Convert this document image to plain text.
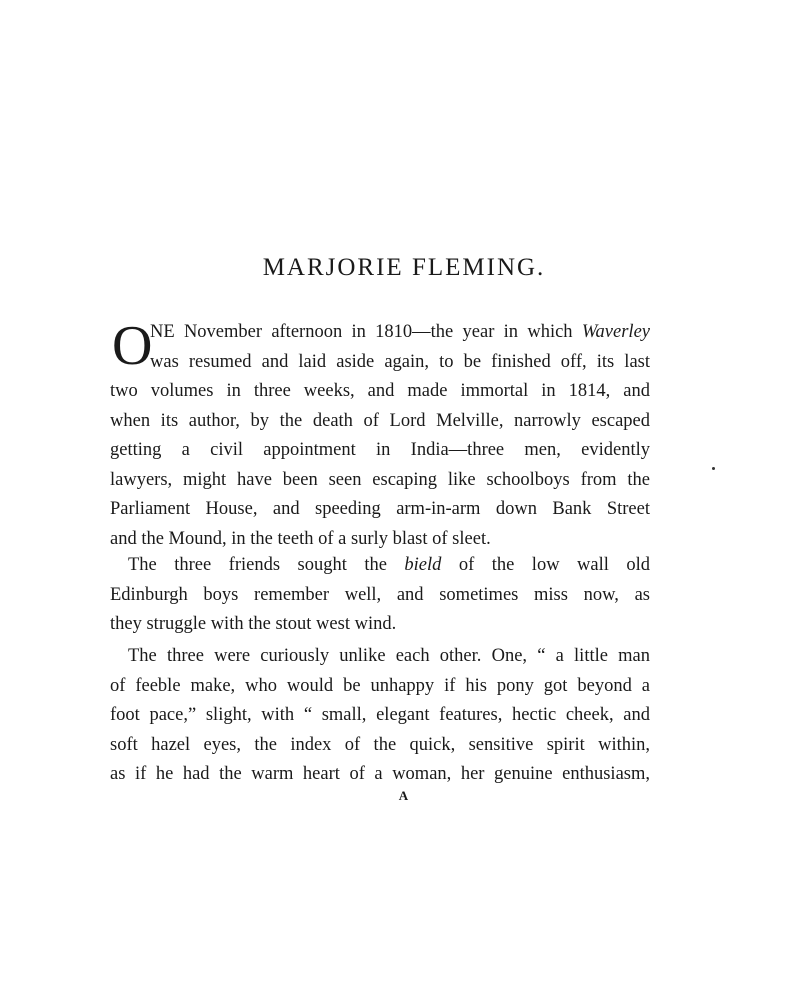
MARJORIE FLEMING.
O
NE November afternoon in 1810—the year in which Waverley
was resumed and laid aside again, to be finished off, its last
two volumes in three weeks, and made immortal in 1814, and
when its author, by the death of Lord Melville, narrowly escaped
getting a civil appointment in India—three men, evidently
lawyers, might have been seen escaping like schoolboys from the
Parliament House, and speeding arm-in-arm down Bank Street
and the Mound, in the teeth of a surly blast of sleet.
The three friends sought the bield of the low wall old
Edinburgh boys remember well, and sometimes miss now, as
they struggle with the stout west wind.
The three were curiously unlike each other. One, “ a little man
of feeble make, who would be unhappy if his pony got beyond a
foot pace,” slight, with “ small, elegant features, hectic cheek, and
soft hazel eyes, the index of the quick, sensitive spirit within,
as if he had the warm heart of a woman, her genuine enthusiasm,
A
